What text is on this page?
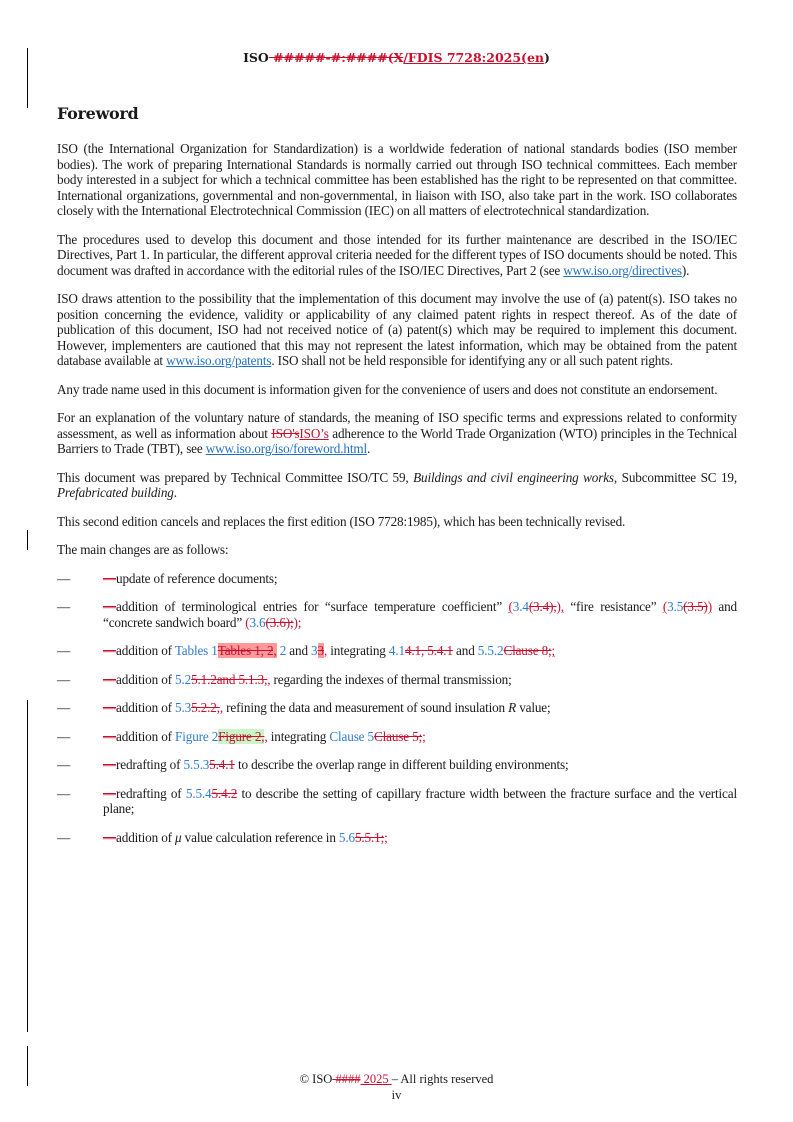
ISO #####-#:####(X/FDIS 7728:2025(en)
Foreword

ISO (the International Organization for Standardization) is a worldwide federation of national standards bodies (ISO member bodies). The work of preparing International Standards is normally carried out through ISO technical committees. Each member body interested in a subject for which a technical committee has been established has the right to be represented on that committee. International organizations, governmental and non-governmental, in liaison with ISO, also take part in the work. ISO collaborates closely with the International Electrotechnical Commission (IEC) on all matters of electrotechnical standardization.

The procedures used to develop this document and those intended for its further maintenance are described in the ISO/IEC Directives, Part 1. In particular, the different approval criteria needed for the different types of ISO documents should be noted. This document was drafted in accordance with the editorial rules of the ISO/IEC Directives, Part 2 (see www.iso.org/directives).

ISO draws attention to the possibility that the implementation of this document may involve the use of (a) patent(s). ISO takes no position concerning the evidence, validity or applicability of any claimed patent rights in respect thereof. As of the date of publication of this document, ISO had not received notice of (a) patent(s) which may be required to implement this document. However, implementers are cautioned that this may not represent the latest information, which may be obtained from the patent database available at www.iso.org/patents. ISO shall not be held responsible for identifying any or all such patent rights.

Any trade name used in this document is information given for the convenience of users and does not constitute an endorsement.

For an explanation of the voluntary nature of standards, the meaning of ISO specific terms and expressions related to conformity assessment, as well as information about ISO'sISO’s adherence to the World Trade Organization (WTO) principles in the Technical Barriers to Trade (TBT), see www.iso.org/iso/foreword.html.

This document was prepared by Technical Committee ISO/TC 59, Buildings and civil engineering works, Subcommittee SC 19, Prefabricated building.

This second edition cancels and replaces the first edition (ISO 7728:1985), which has been technically revised.

The main changes are as follows:

— —update of reference documents;
— —addition of terminological entries for “surface temperature coefficient” (3.4(3.4),), “fire resistance” (3.5(3.5)) and “concrete sandwich board” (3.6(3.6););
— —addition of Tables 1Tables 1, 2, 2 and 33, integrating 4.14.1, 5.4.1 and 5.5.2Clause 8;;
— —addition of 5.25.1.2and 5.1.3,, regarding the indexes of thermal transmission;
— —addition of 5.35.2.2,, refining the data and measurement of sound insulation R value;
— —addition of Figure 2Figure 2,, integrating Clause 5Clause 5;;
— —redrafting of 5.5.35.4.1 to describe the overlap range in different building environments;
— —redrafting of 5.5.45.4.2 to describe the setting of capillary fracture width between the fracture surface and the vertical plane;
— —addition of μ value calculation reference in 5.65.5.1;;
© ISO #### 2025 – All rights reserved
iv
